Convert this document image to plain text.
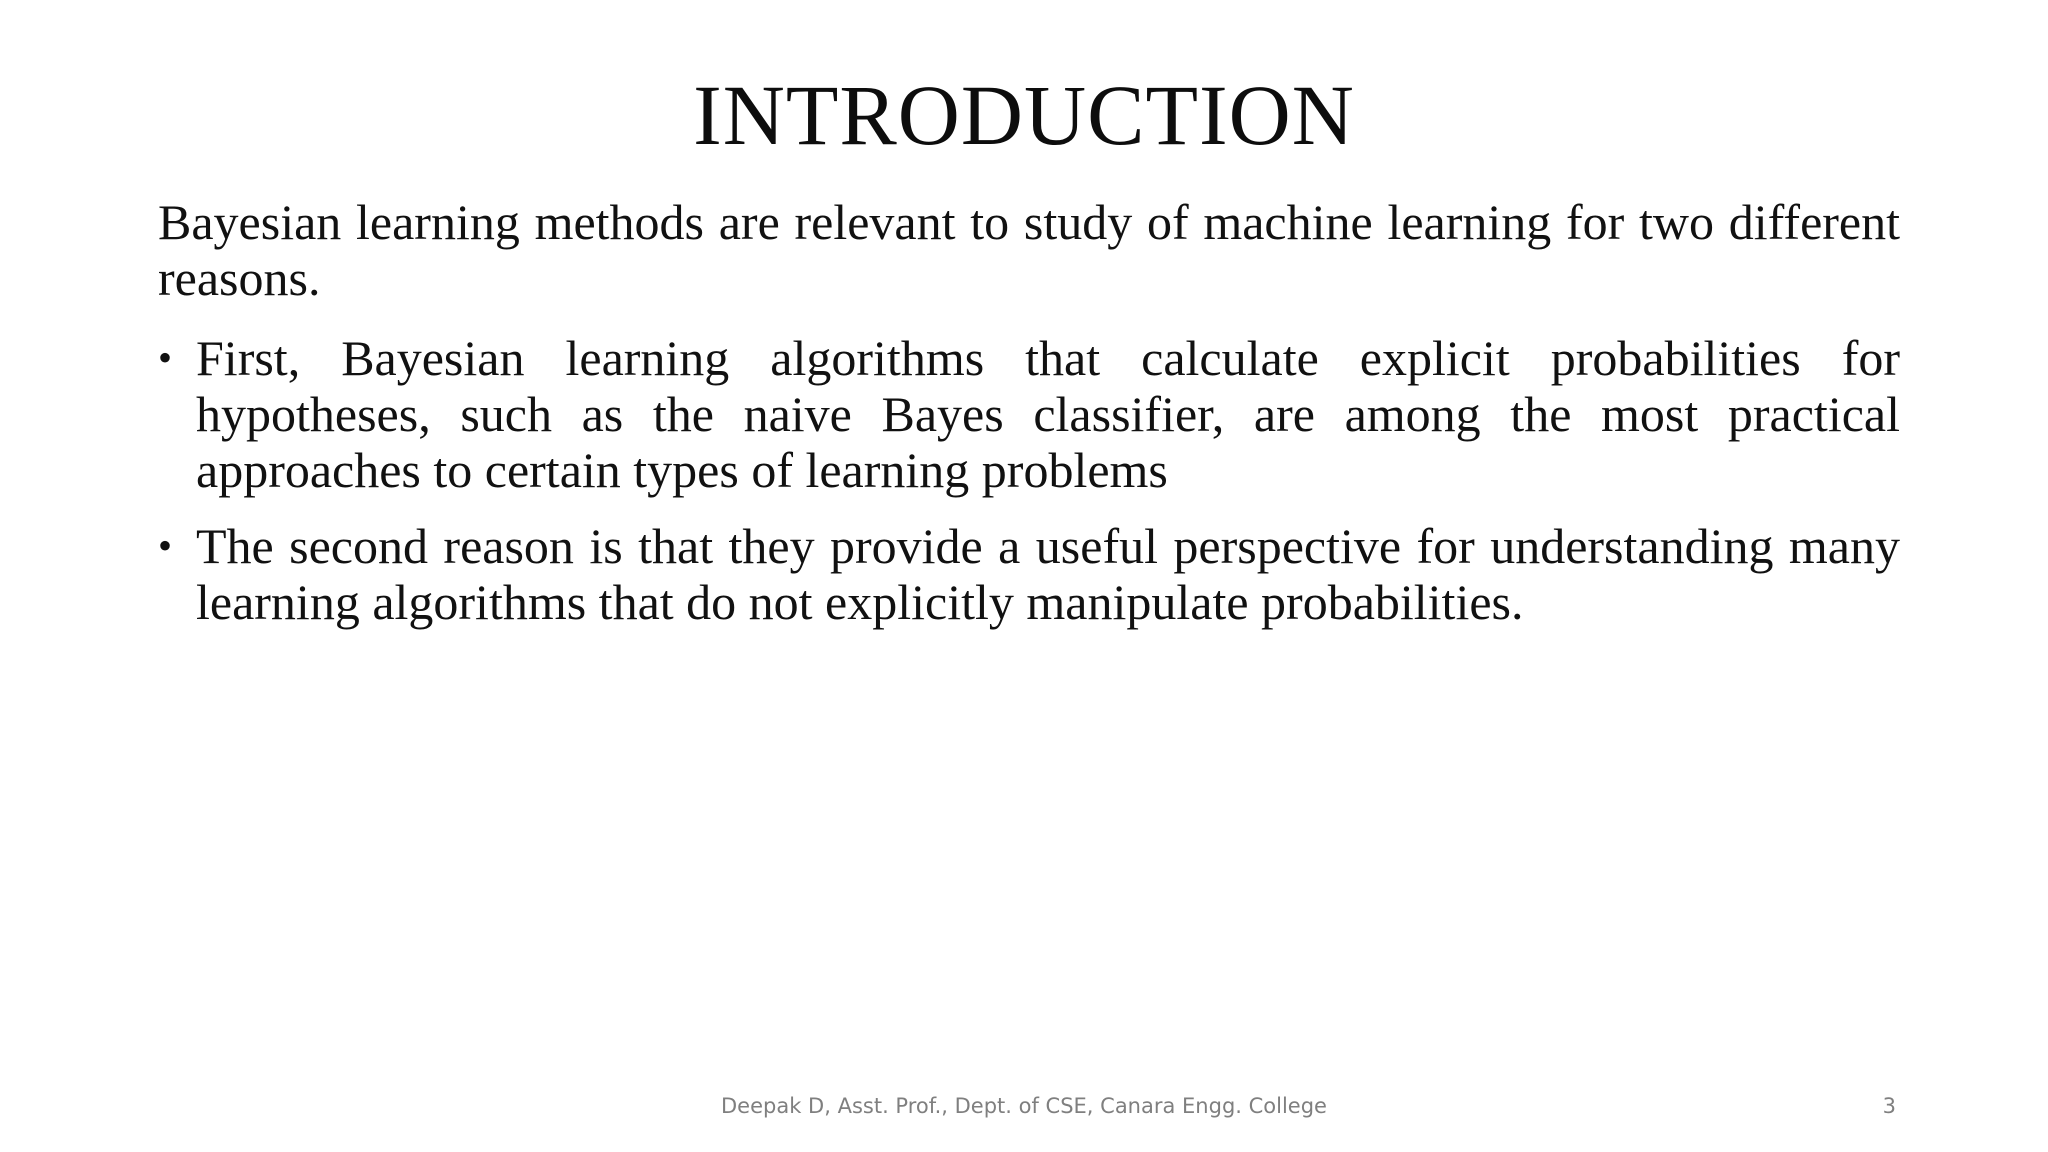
INTRODUCTION

Bayesian learning methods are relevant to study of machine learning for two different reasons.

• First, Bayesian learning algorithms that calculate explicit probabilities for hypotheses, such as the naive Bayes classifier, are among the most practical approaches to certain types of learning problems
• The second reason is that they provide a useful perspective for understanding many learning algorithms that do not explicitly manipulate probabilities.
Deepak D, Asst. Prof., Dept. of CSE, Canara Engg. College	3
